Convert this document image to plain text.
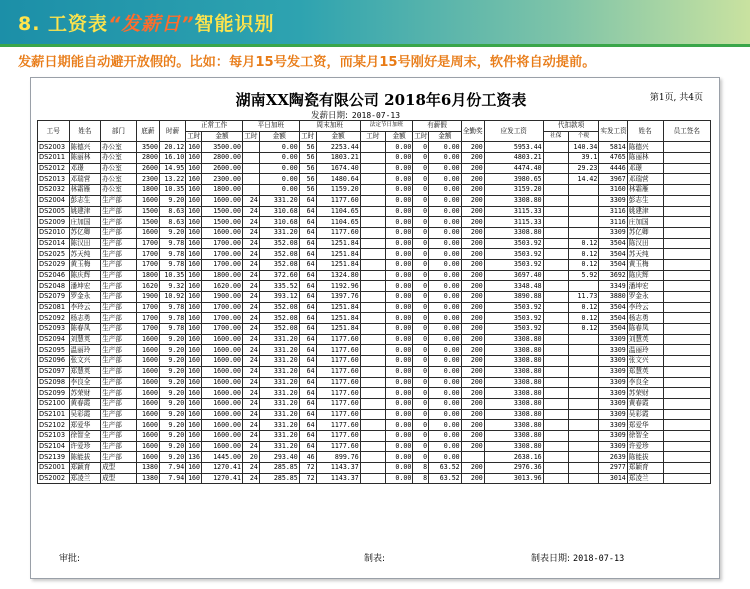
8. 工资表“发薪日”智能识别
发薪日期能自动避开放假的。比如：每月15号发工资，而某月15号刚好是周末，软件将自动提前。
湖南XX陶瓷有限公司 2018年6月份工资表	第1页, 共4页
发薪日期: 2018-07-13
工号	姓名	部门	底薪	时薪	正常工作		平日加班		周末加班		法定节日加班		有薪假		全勤奖	应发工资	代扣款项		实发工资	姓名	员工签名
					工时	金额	工时	金额	工时	金额	工时	金额	工时	金额			社保	个税			
DS2003	陈德兴	办公室	3500	20.12	160	3500.00		0.00	56	2253.44		0.00	0	0.00	200	5953.44		140.34	5814	陈德兴	
DS2011	陈丽林	办公室	2800	16.10	160	2800.00		0.00	56	1803.21		0.00	0	0.00	200	4803.21		39.1	4765	陈丽林	
DS2012	邓璟	办公室	2600	14.95	160	2600.00		0.00	56	1674.40		0.00	0	0.00	200	4474.40		29.23	4446	邓璟	
DS2013	邓瑞营	办公室	2300	13.22	160	2300.00		0.00	56	1480.64		0.00	0	0.00	200	3980.65		14.42	3967	邓瑞营	
DS2032	林霜雁	办公室	1800	10.35	160	1800.00		0.00	56	1159.20		0.00	0	0.00	200	3159.20			3160	林霜雁	
DS2004	彭志生	生产部	1600	9.20	160	1600.00	24	331.20	64	1177.60		0.00	0	0.00	200	3308.80			3309	彭志生	
DS2005	姚建津	生产部	1500	8.63	160	1500.00	24	310.68	64	1104.65		0.00	0	0.00	200	3115.33			3116	姚建津	
DS2009	庄加国	生产部	1500	8.63	160	1500.00	24	310.68	64	1104.65		0.00	0	0.00	200	3115.33			3116	庄加国	
DS2010	苏亿卿	生产部	1600	9.20	160	1600.00	24	331.20	64	1177.60		0.00	0	0.00	200	3308.80			3309	苏亿卿	
DS2014	陈汉田	生产部	1700	9.78	160	1700.00	24	352.08	64	1251.84		0.00	0	0.00	200	3503.92		0.12	3504	陈汉田	
DS2025	苏天纯	生产部	1700	9.78	160	1700.00	24	352.08	64	1251.84		0.00	0	0.00	200	3503.92		0.12	3504	苏天纯	
DS2029	黄玉梅	生产部	1700	9.78	160	1700.00	24	352.08	64	1251.84		0.00	0	0.00	200	3503.92		0.12	3504	黄玉梅	
DS2046	陈庆辉	生产部	1800	10.35	160	1800.00	24	372.60	64	1324.80		0.00	0	0.00	200	3697.40		5.92	3692	陈庆辉	
DS2048	潘坤宏	生产部	1620	9.32	160	1620.00	24	335.52	64	1192.96		0.00	0	0.00	200	3348.48			3349	潘坤宏	
DS2079	罗金永	生产部	1900	10.92	160	1900.00	24	393.12	64	1397.76		0.00	0	0.00	200	3890.88		11.73	3880	罗金永	
DS2081	李玲云	生产部	1700	9.78	160	1700.00	24	352.08	64	1251.84		0.00	0	0.00	200	3503.92		0.12	3504	李玲云	
DS2092	杨志勇	生产部	1700	9.78	160	1700.00	24	352.08	64	1251.84		0.00	0	0.00	200	3503.92		0.12	3504	杨志勇	
DS2093	陈春凤	生产部	1700	9.78	160	1700.00	24	352.08	64	1251.84		0.00	0	0.00	200	3503.92		0.12	3504	陈春凤	
DS2094	刘慧英	生产部	1600	9.20	160	1600.00	24	331.20	64	1177.60		0.00	0	0.00	200	3308.80			3309	刘慧英	
DS2095	温丽玲	生产部	1600	9.20	160	1600.00	24	331.20	64	1177.60		0.00	0	0.00	200	3308.80			3309	温丽玲	
DS2096	张文兴	生产部	1600	9.20	160	1600.00	24	331.20	64	1177.60		0.00	0	0.00	200	3308.80			3309	张文兴	
DS2097	郑慧英	生产部	1600	9.20	160	1600.00	24	331.20	64	1177.60		0.00	0	0.00	200	3308.80			3309	郑慧英	
DS2098	李良全	生产部	1600	9.20	160	1600.00	24	331.20	64	1177.60		0.00	0	0.00	200	3308.80			3309	李良全	
DS2099	苏荣财	生产部	1600	9.20	160	1600.00	24	331.20	64	1177.60		0.00	0	0.00	200	3308.80			3309	苏荣财	
DS2100	黄春霞	生产部	1600	9.20	160	1600.00	24	331.20	64	1177.60		0.00	0	0.00	200	3308.80			3309	黄春霞	
DS2101	吴彩霞	生产部	1600	9.20	160	1600.00	24	331.20	64	1177.60		0.00	0	0.00	200	3308.80			3309	吴彩霞	
DS2102	郑爱华	生产部	1600	9.20	160	1600.00	24	331.20	64	1177.60		0.00	0	0.00	200	3308.80			3309	郑爱华	
DS2103	徐智全	生产部	1600	9.20	160	1600.00	24	331.20	64	1177.60		0.00	0	0.00	200	3308.80			3309	徐智全	
DS2104	许爱珍	生产部	1600	9.20	160	1600.00	24	331.20	64	1177.60		0.00	0	0.00	200	3308.80			3309	许爱珍	
DS2139	陈能拔	生产部	1600	9.20	136	1445.00	20	293.40	46	899.76		0.00	0	0.00		2638.16			2639	陈能拔	
DS2001	郑颖育	成型	1380	7.94	160	1270.41	24	285.85	72	1143.37		0.00	8	63.52	200	2976.36			2977	郑颖育	
DS2002	郑凌兰	成型	1380	7.94	160	1270.41	24	285.85	72	1143.37		0.00	8	63.52	200	3013.96			3014	郑凌兰	
审批:	制表:	制表日期: 2018-07-13
